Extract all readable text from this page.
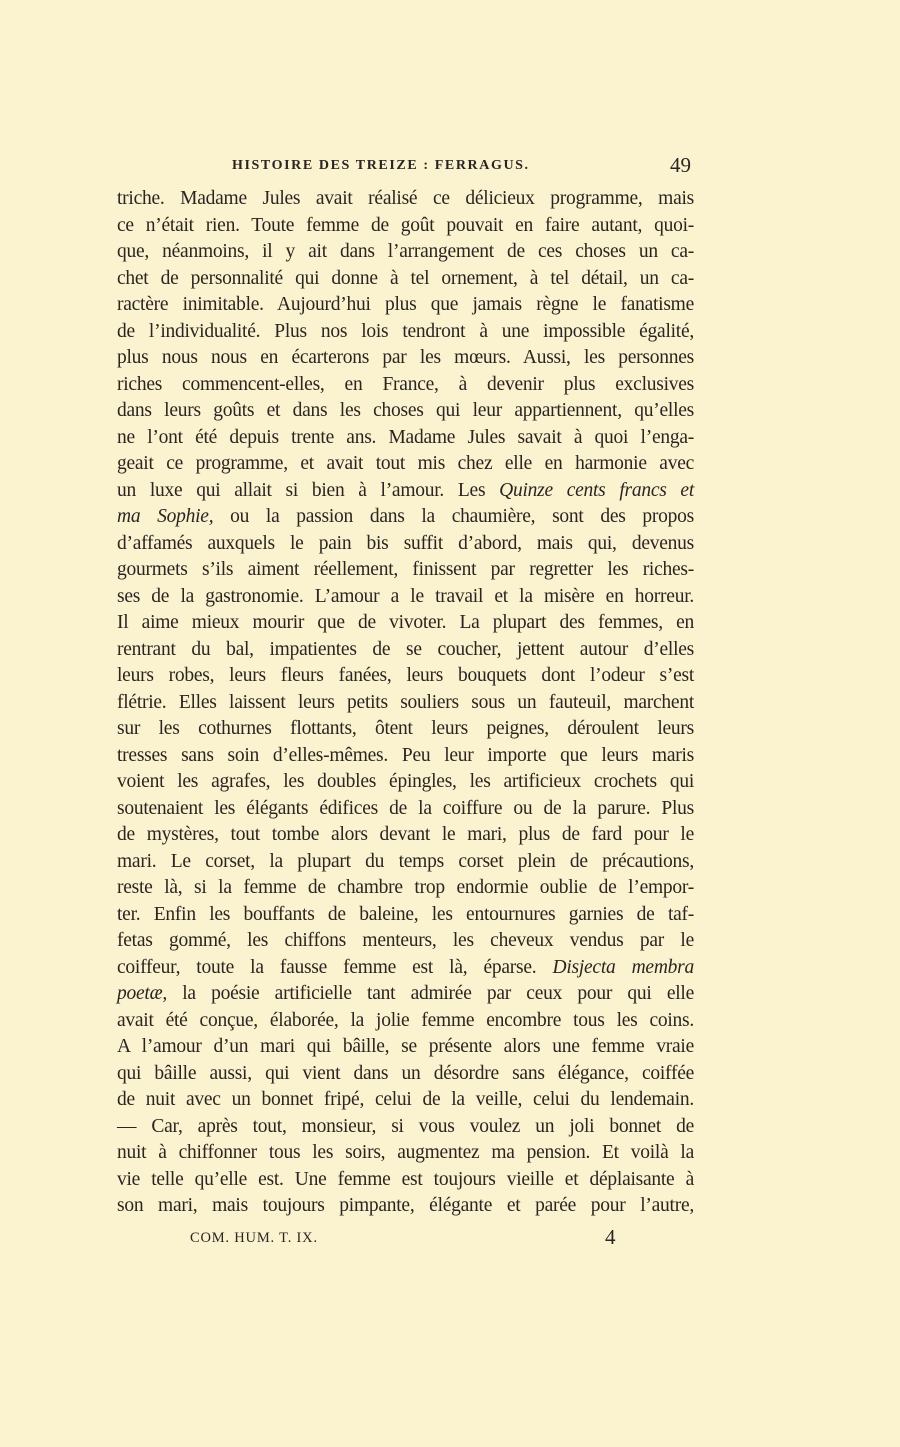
HISTOIRE DES TREIZE : FERRAGUS.	49
triche. Madame Jules avait réalisé ce délicieux programme, mais
ce n’était rien. Toute femme de goût pouvait en faire autant, quoi-
que, néanmoins, il y ait dans l’arrangement de ces choses un ca-
chet de personnalité qui donne à tel ornement, à tel détail, un ca-
ractère inimitable. Aujourd’hui plus que jamais règne le fanatisme
de l’individualité. Plus nos lois tendront à une impossible égalité,
plus nous nous en écarterons par les mœurs. Aussi, les personnes
riches commencent-elles, en France, à devenir plus exclusives
dans leurs goûts et dans les choses qui leur appartiennent, qu’elles
ne l’ont été depuis trente ans. Madame Jules savait à quoi l’enga-
geait ce programme, et avait tout mis chez elle en harmonie avec
un luxe qui allait si bien à l’amour. Les Quinze cents francs et
ma Sophie, ou la passion dans la chaumière, sont des propos
d’affamés auxquels le pain bis suffit d’abord, mais qui, devenus
gourmets s’ils aiment réellement, finissent par regretter les riches-
ses de la gastronomie. L’amour a le travail et la misère en horreur.
Il aime mieux mourir que de vivoter. La plupart des femmes, en
rentrant du bal, impatientes de se coucher, jettent autour d’elles
leurs robes, leurs fleurs fanées, leurs bouquets dont l’odeur s’est
flétrie. Elles laissent leurs petits souliers sous un fauteuil, marchent
sur les cothurnes flottants, ôtent leurs peignes, déroulent leurs
tresses sans soin d’elles-mêmes. Peu leur importe que leurs maris
voient les agrafes, les doubles épingles, les artificieux crochets qui
soutenaient les élégants édifices de la coiffure ou de la parure. Plus
de mystères, tout tombe alors devant le mari, plus de fard pour le
mari. Le corset, la plupart du temps corset plein de précautions,
reste là, si la femme de chambre trop endormie oublie de l’empor-
ter. Enfin les bouffants de baleine, les entournures garnies de taf-
fetas gommé, les chiffons menteurs, les cheveux vendus par le
coiffeur, toute la fausse femme est là, éparse. Disjecta membra
poetæ, la poésie artificielle tant admirée par ceux pour qui elle
avait été conçue, élaborée, la jolie femme encombre tous les coins.
A l’amour d’un mari qui bâille, se présente alors une femme vraie
qui bâille aussi, qui vient dans un désordre sans élégance, coiffée
de nuit avec un bonnet fripé, celui de la veille, celui du lendemain.
— Car, après tout, monsieur, si vous voulez un joli bonnet de
nuit à chiffonner tous les soirs, augmentez ma pension. Et voilà la
vie telle qu’elle est. Une femme est toujours vieille et déplaisante à
son mari, mais toujours pimpante, élégante et parée pour l’autre,
COM. HUM. T. IX.	4
